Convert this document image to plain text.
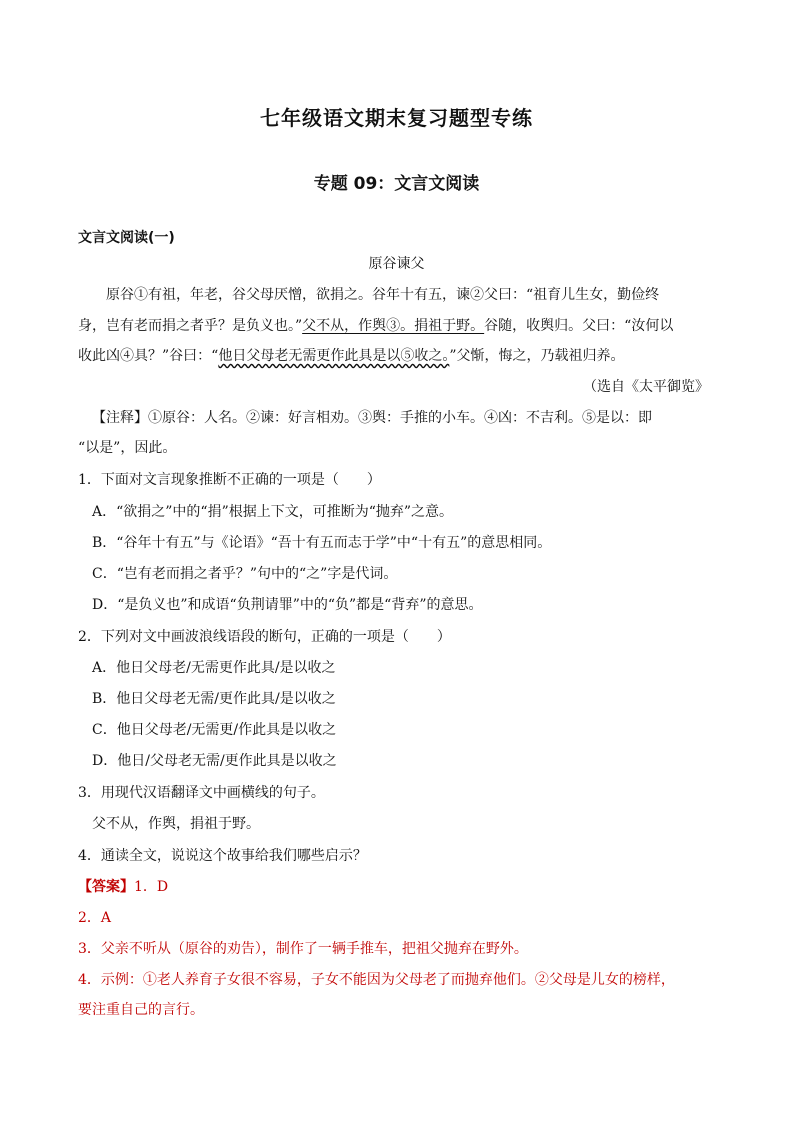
七年级语文期末复习题型专练
专题 09：文言文阅读
文言文阅读(一)
原谷谏父
原谷①有祖，年老，谷父母厌憎，欲捐之。谷年十有五，谏②父曰：“祖育儿生女，勤俭终
身，岂有老而捐之者乎？是负义也。”父不从，作舆③。捐祖于野。谷随，收舆归。父曰：“汝何以
收此凶④具？”谷曰：“他日父母老无需更作此具是以⑤收之。”父惭，悔之，乃载祖归养。
（选自《太平御览》
【注释】①原谷：人名。②谏：好言相劝。③舆：手推的小车。④凶：不吉利。⑤是以：即
“以是”，因此。
1．下面对文言现象推断不正确的一项是（　　）
A．“欲捐之”中的“捐”根据上下文，可推断为“抛弃”之意。
B．“谷年十有五”与《论语》“吾十有五而志于学”中“十有五”的意思相同。
C．“岂有老而捐之者乎？”句中的“之”字是代词。
D．“是负义也”和成语“负荆请罪”中的“负”都是“背弃”的意思。
2．下列对文中画波浪线语段的断句，正确的一项是（　　）
A．他日父母老/无需更作此具/是以收之
B．他日父母老无需/更作此具/是以收之
C．他日父母老/无需更/作此具是以收之
D．他日/父母老无需/更作此具是以收之
3．用现代汉语翻译文中画横线的句子。
父不从，作舆，捐祖于野。
4．通读全文，说说这个故事给我们哪些启示？
【答案】1．D
2．A
3．父亲不听从（原谷的劝告），制作了一辆手推车，把祖父抛弃在野外。
4．示例：①老人养育子女很不容易，子女不能因为父母老了而抛弃他们。②父母是儿女的榜样，
要注重自己的言行。
